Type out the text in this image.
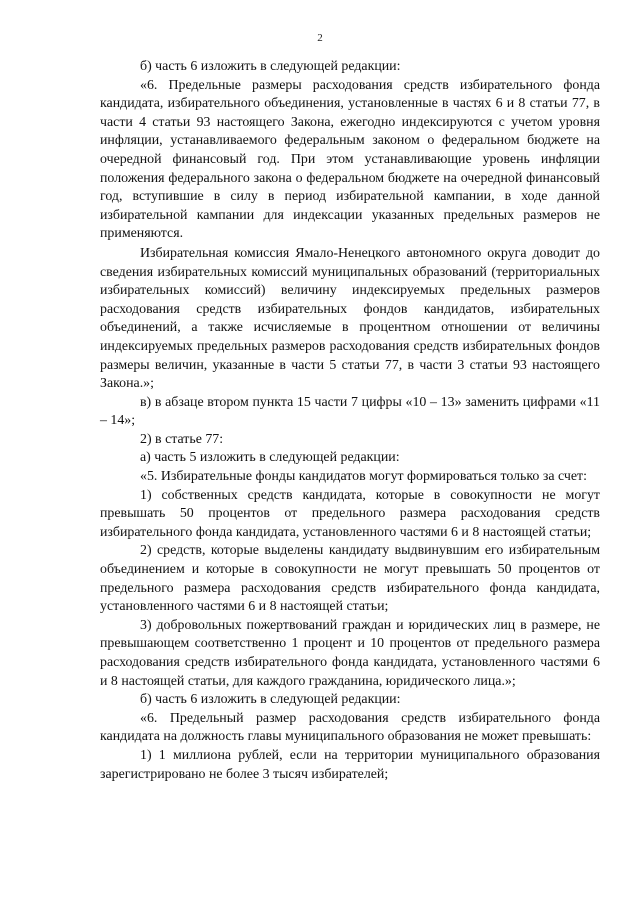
2

б) часть 6 изложить в следующей редакции:

«6. Предельные размеры расходования средств избирательного фонда кандидата, избирательного объединения, установленные в частях 6 и 8 статьи 77, в части 4 статьи 93 настоящего Закона, ежегодно индексируются с учетом уровня инфляции, устанавливаемого федеральным законом о федеральном бюджете на очередной финансовый год. При этом устанавливающие уровень инфляции положения федерального закона о федеральном бюджете на очередной финансовый год, вступившие в силу в период избирательной кампании, в ходе данной избирательной кампании для индексации указанных предельных размеров не применяются.

Избирательная комиссия Ямало-Ненецкого автономного округа доводит до сведения избирательных комиссий муниципальных образований (территориальных избирательных комиссий) величину индексируемых предельных размеров расходования средств избирательных фондов кандидатов, избирательных объединений, а также исчисляемые в процентном отношении от величины индексируемых предельных размеров расходования средств избирательных фондов размеры величин, указанные в части 5 статьи 77, в части 3 статьи 93 настоящего Закона.»;

в) в абзаце втором пункта 15 части 7 цифры «10 – 13» заменить цифрами «11 – 14»;

2) в статье 77:

а) часть 5 изложить в следующей редакции:

«5. Избирательные фонды кандидатов могут формироваться только за счет:

1) собственных средств кандидата, которые в совокупности не могут превышать 50 процентов от предельного размера расходования средств избирательного фонда кандидата, установленного частями 6 и 8 настоящей статьи;

2) средств, которые выделены кандидату выдвинувшим его избирательным объединением и которые в совокупности не могут превышать 50 процентов от предельного размера расходования средств избирательного фонда кандидата, установленного частями 6 и 8 настоящей статьи;

3) добровольных пожертвований граждан и юридических лиц в размере, не превышающем соответственно 1 процент и 10 процентов от предельного размера расходования средств избирательного фонда кандидата, установленного частями 6 и 8 настоящей статьи, для каждого гражданина, юридического лица.»;

б) часть 6 изложить в следующей редакции:

«6. Предельный размер расходования средств избирательного фонда кандидата на должность главы муниципального образования не может превышать:

1) 1 миллиона рублей, если на территории муниципального образования зарегистрировано не более 3 тысяч избирателей;
